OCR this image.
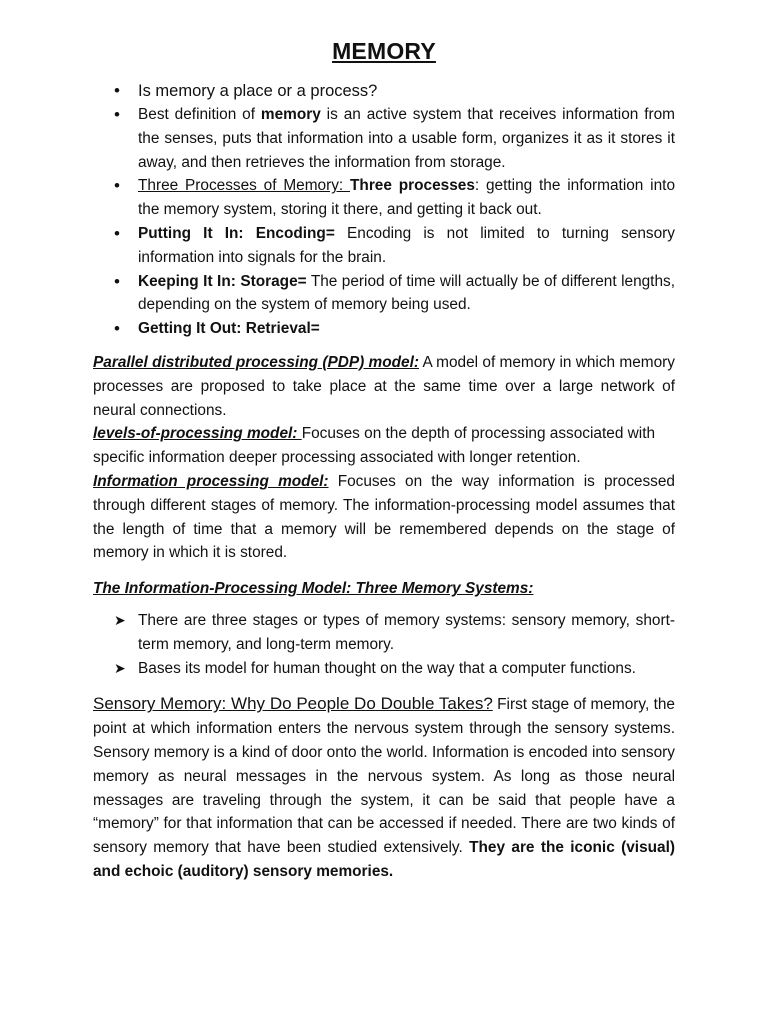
MEMORY
• Is memory a place or a process?
• Best definition of memory is an active system that receives information from the senses, puts that information into a usable form, organizes it as it stores it away, and then retrieves the information from storage.
• Three Processes of Memory: Three processes: getting the information into the memory system, storing it there, and getting it back out.
• Putting It In: Encoding= Encoding is not limited to turning sensory information into signals for the brain.
• Keeping It In: Storage= The period of time will actually be of different lengths, depending on the system of memory being used.
• Getting It Out: Retrieval=

Parallel distributed processing (PDP) model: A model of memory in which memory processes are proposed to take place at the same time over a large network of neural connections.

levels-of-processing model: Focuses on the depth of processing associated with specific information deeper processing associated with longer retention.

Information processing model: Focuses on the way information is processed through different stages of memory. The information-processing model assumes that the length of time that a memory will be remembered depends on the stage of memory in which it is stored.

The Information-Processing Model: Three Memory Systems:

➤ There are three stages or types of memory systems: sensory memory, short-term memory, and long-term memory.
➤ Bases its model for human thought on the way that a computer functions.

Sensory Memory: Why Do People Do Double Takes? First stage of memory, the point at which information enters the nervous system through the sensory systems. Sensory memory is a kind of door onto the world. Information is encoded into sensory memory as neural messages in the nervous system. As long as those neural messages are traveling through the system, it can be said that people have a “memory” for that information that can be accessed if needed. There are two kinds of sensory memory that have been studied extensively. They are the iconic (visual) and echoic (auditory) sensory memories.
